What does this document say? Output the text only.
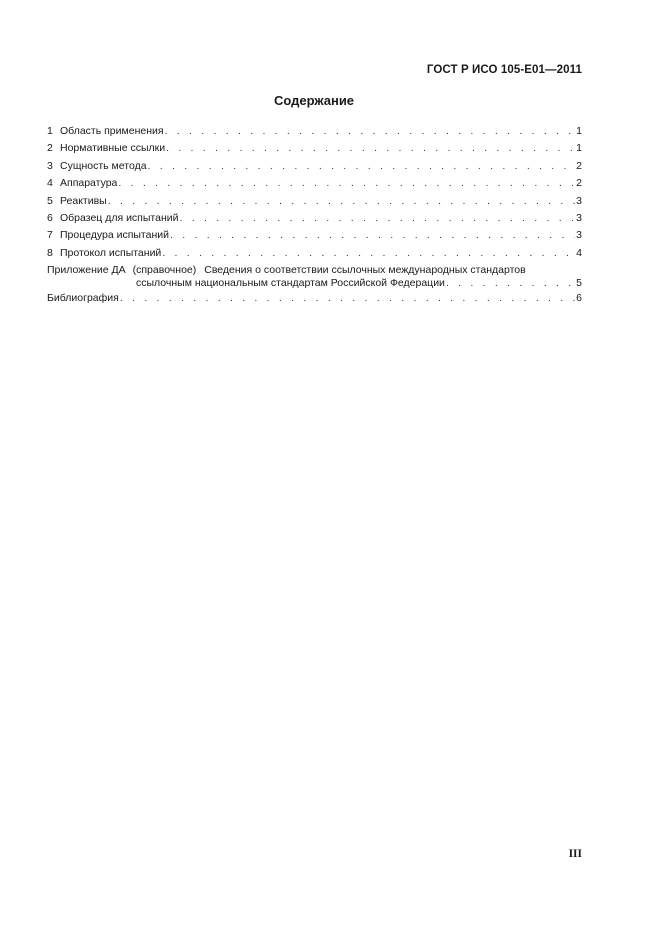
ГОСТ Р ИСО 105-Е01—2011
Содержание
1 Область применения . . .	1
2 Нормативные ссылки . . .	1
3 Сущность метода . . .	2
4 Аппаратура . . .	2
5 Реактивы . . .	3
6 Образец для испытаний . . .	3
7 Процедура испытаний . . .	3
8 Протокол испытаний . . .	4
Приложение ДА (справочное) Сведения о соответствии ссылочных международных стандартов
ссылочным национальным стандартам Российской Федерации . . .	5
Библиография . . .	6
III
